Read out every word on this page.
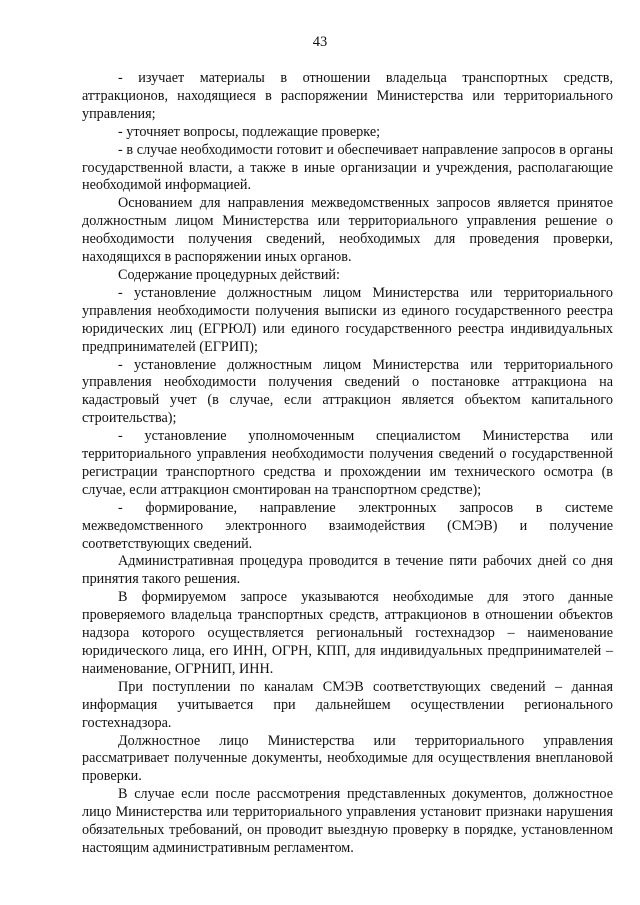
43

- изучает материалы в отношении владельца транспортных средств, аттракционов, находящиеся в распоряжении Министерства или территориального управления;

- уточняет вопросы, подлежащие проверке;

- в случае необходимости готовит и обеспечивает направление запросов в органы государственной власти, а также в иные организации и учреждения, располагающие необходимой информацией.

Основанием для направления межведомственных запросов является принятое должностным лицом Министерства или территориального управления решение о необходимости получения сведений, необходимых для проведения проверки, находящихся в распоряжении иных органов.

Содержание процедурных действий:

- установление должностным лицом Министерства или территориального управления необходимости получения выписки из единого государственного реестра юридических лиц (ЕГРЮЛ) или единого государственного реестра индивидуальных предпринимателей (ЕГРИП);

- установление должностным лицом Министерства или территориального управления необходимости получения сведений о постановке аттракциона на кадастровый учет (в случае, если аттракцион является объектом капитального строительства);

- установление уполномоченным специалистом Министерства или территориального управления необходимости получения сведений о государственной регистрации транспортного средства и прохождении им технического осмотра (в случае, если аттракцион смонтирован на транспортном средстве);

- формирование, направление электронных запросов в системе межведомственного электронного взаимодействия (СМЭВ) и получение соответствующих сведений.

Административная процедура проводится в течение пяти рабочих дней со дня принятия такого решения.

В формируемом запросе указываются необходимые для этого данные проверяемого владельца транспортных средств, аттракционов в отношении объектов надзора которого осуществляется региональный гостехнадзор – наименование юридического лица, его ИНН, ОГРН, КПП, для индивидуальных предпринимателей – наименование, ОГРНИП, ИНН.

При поступлении по каналам СМЭВ соответствующих сведений – данная информация учитывается при дальнейшем осуществлении регионального гостехнадзора.

Должностное лицо Министерства или территориального управления рассматривает полученные документы, необходимые для осуществления внеплановой проверки.

В случае если после рассмотрения представленных документов, должностное лицо Министерства или территориального управления установит признаки нарушения обязательных требований, он проводит выездную проверку в порядке, установленном настоящим административным регламентом.
